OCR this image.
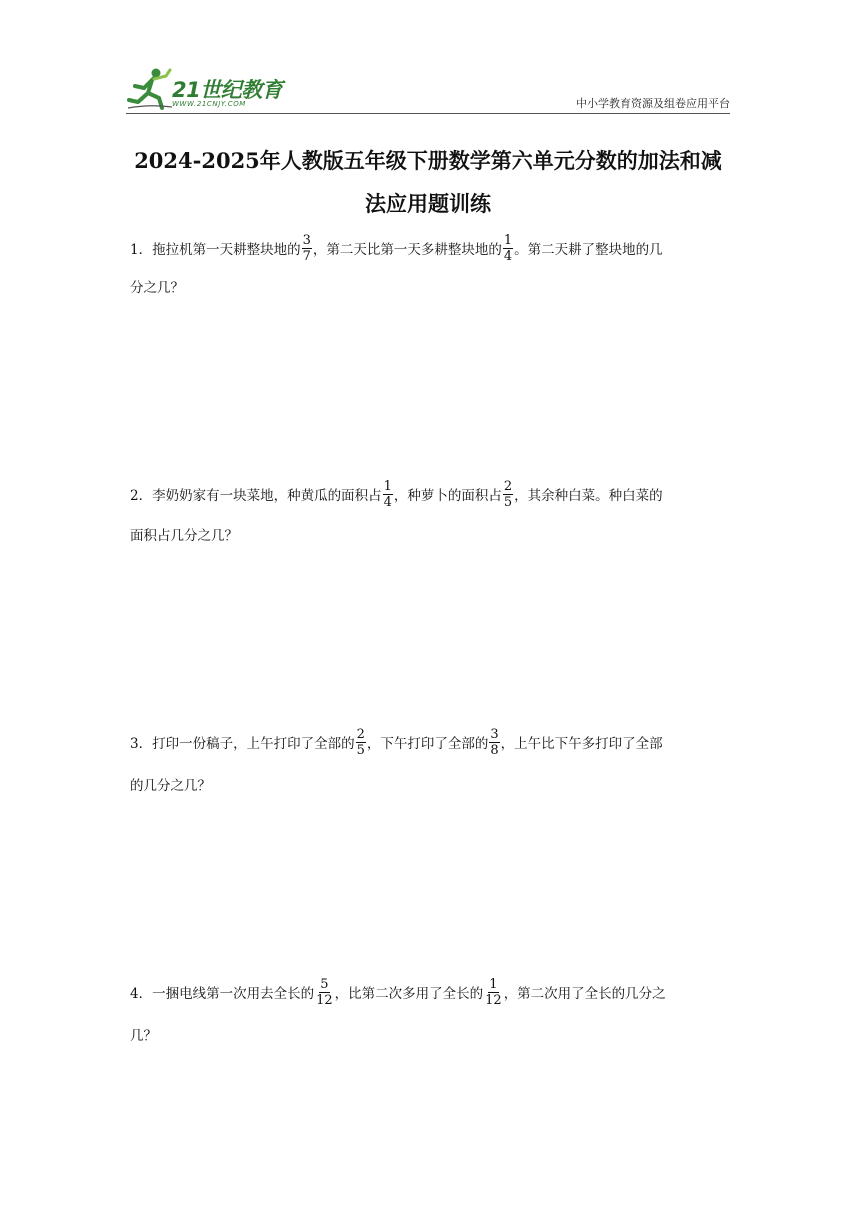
21世纪教育
WWW.21CNJY.COM	中小学教育资源及组卷应用平台
2024-2025年人教版五年级下册数学第六单元分数的加法和减
法应用题训练
1． 拖拉机第一天耕整块地的 $\frac{3}{7}$ ，第二天比第一天多耕整块地的 $\frac{1}{4}$ 。第二天耕了整块地的几
分之几？
2． 李奶奶家有一块菜地，种黄瓜的面积占 $\frac{1}{4}$ ，种萝卜的面积占 $\frac{2}{5}$ ，其余种白菜。种白菜的
面积占几分之几？
3． 打印一份稿子，上午打印了全部的 $\frac{2}{5}$ ，下午打印了全部的 $\frac{3}{8}$ ，上午比下午多打印了全部
的几分之几？
4． 一捆电线第一次用去全长的 $\frac{5}{12}$ ，比第二次多用了全长的 $\frac{1}{12}$ ，第二次用了全长的几分之
几？
